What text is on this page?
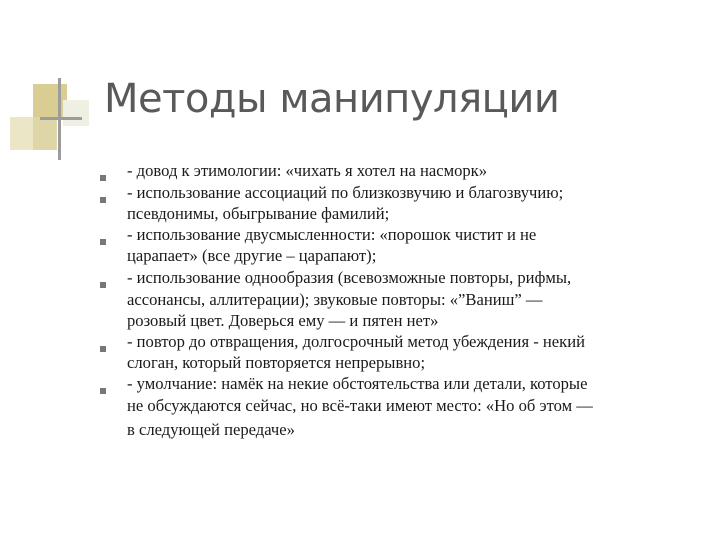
Методы манипуляции

- довод к этимологии: «чихать я хотел на насморк»

- использование ассоциаций по близкозвучию и благозвучию;

псевдонимы, обыгрывание фамилий;

- использование двусмысленности: «порошок чистит и не

царапает» (все другие – царапают);

- использование однообразия (всевозможные повторы, рифмы,

ассонансы, аллитерации); звуковые повторы: «”Ваниш” —

розовый цвет. Доверься ему — и пятен нет»

- повтор до отвращения, долгосрочный метод убеждения - некий

слоган, который повторяется непрерывно;

- умолчание: намёк на некие обстоятельства или детали, которые

не обсуждаются сейчас, но всё-таки имеют место: «Но об этом —

в следующей передаче»
